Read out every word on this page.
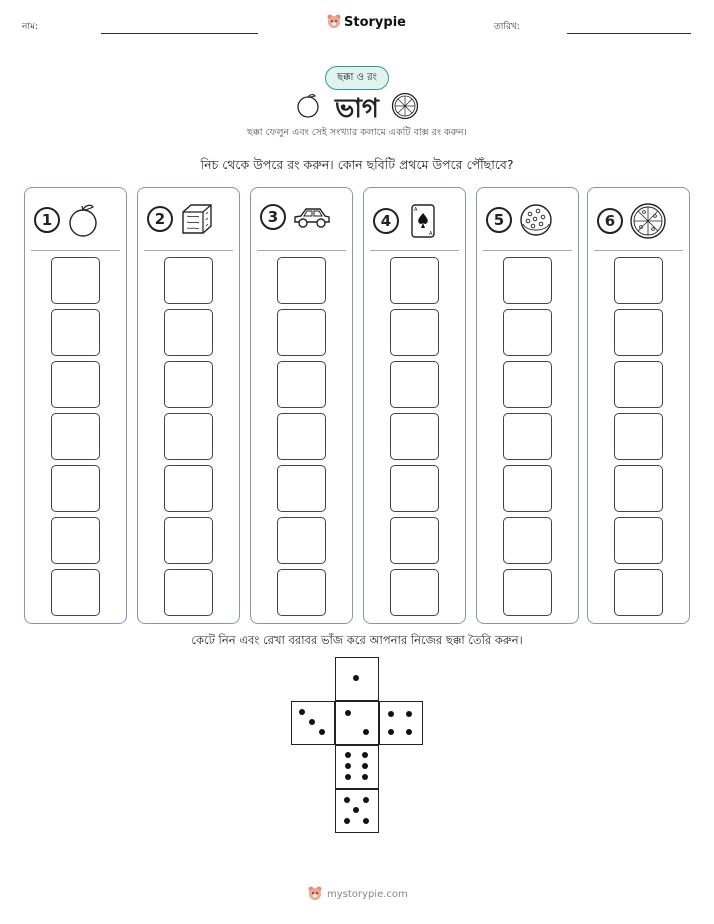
নাম:	Storypie	তারিখ:
ছক্কা ও রং
ভাগ
ছক্কা ফেলুন এবং সেই সংখ্যার কলামে একটি বাক্স রং করুন।
নিচ থেকে উপরে রং করুন। কোন ছবিটি প্রথমে উপরে পৌঁছাবে?
1	2	3	4
A
A
5	6
কেটে নিন এবং রেখা বরাবর ভাঁজ করে আপনার নিজের ছক্কা তৈরি করুন।
mystorypie.com
